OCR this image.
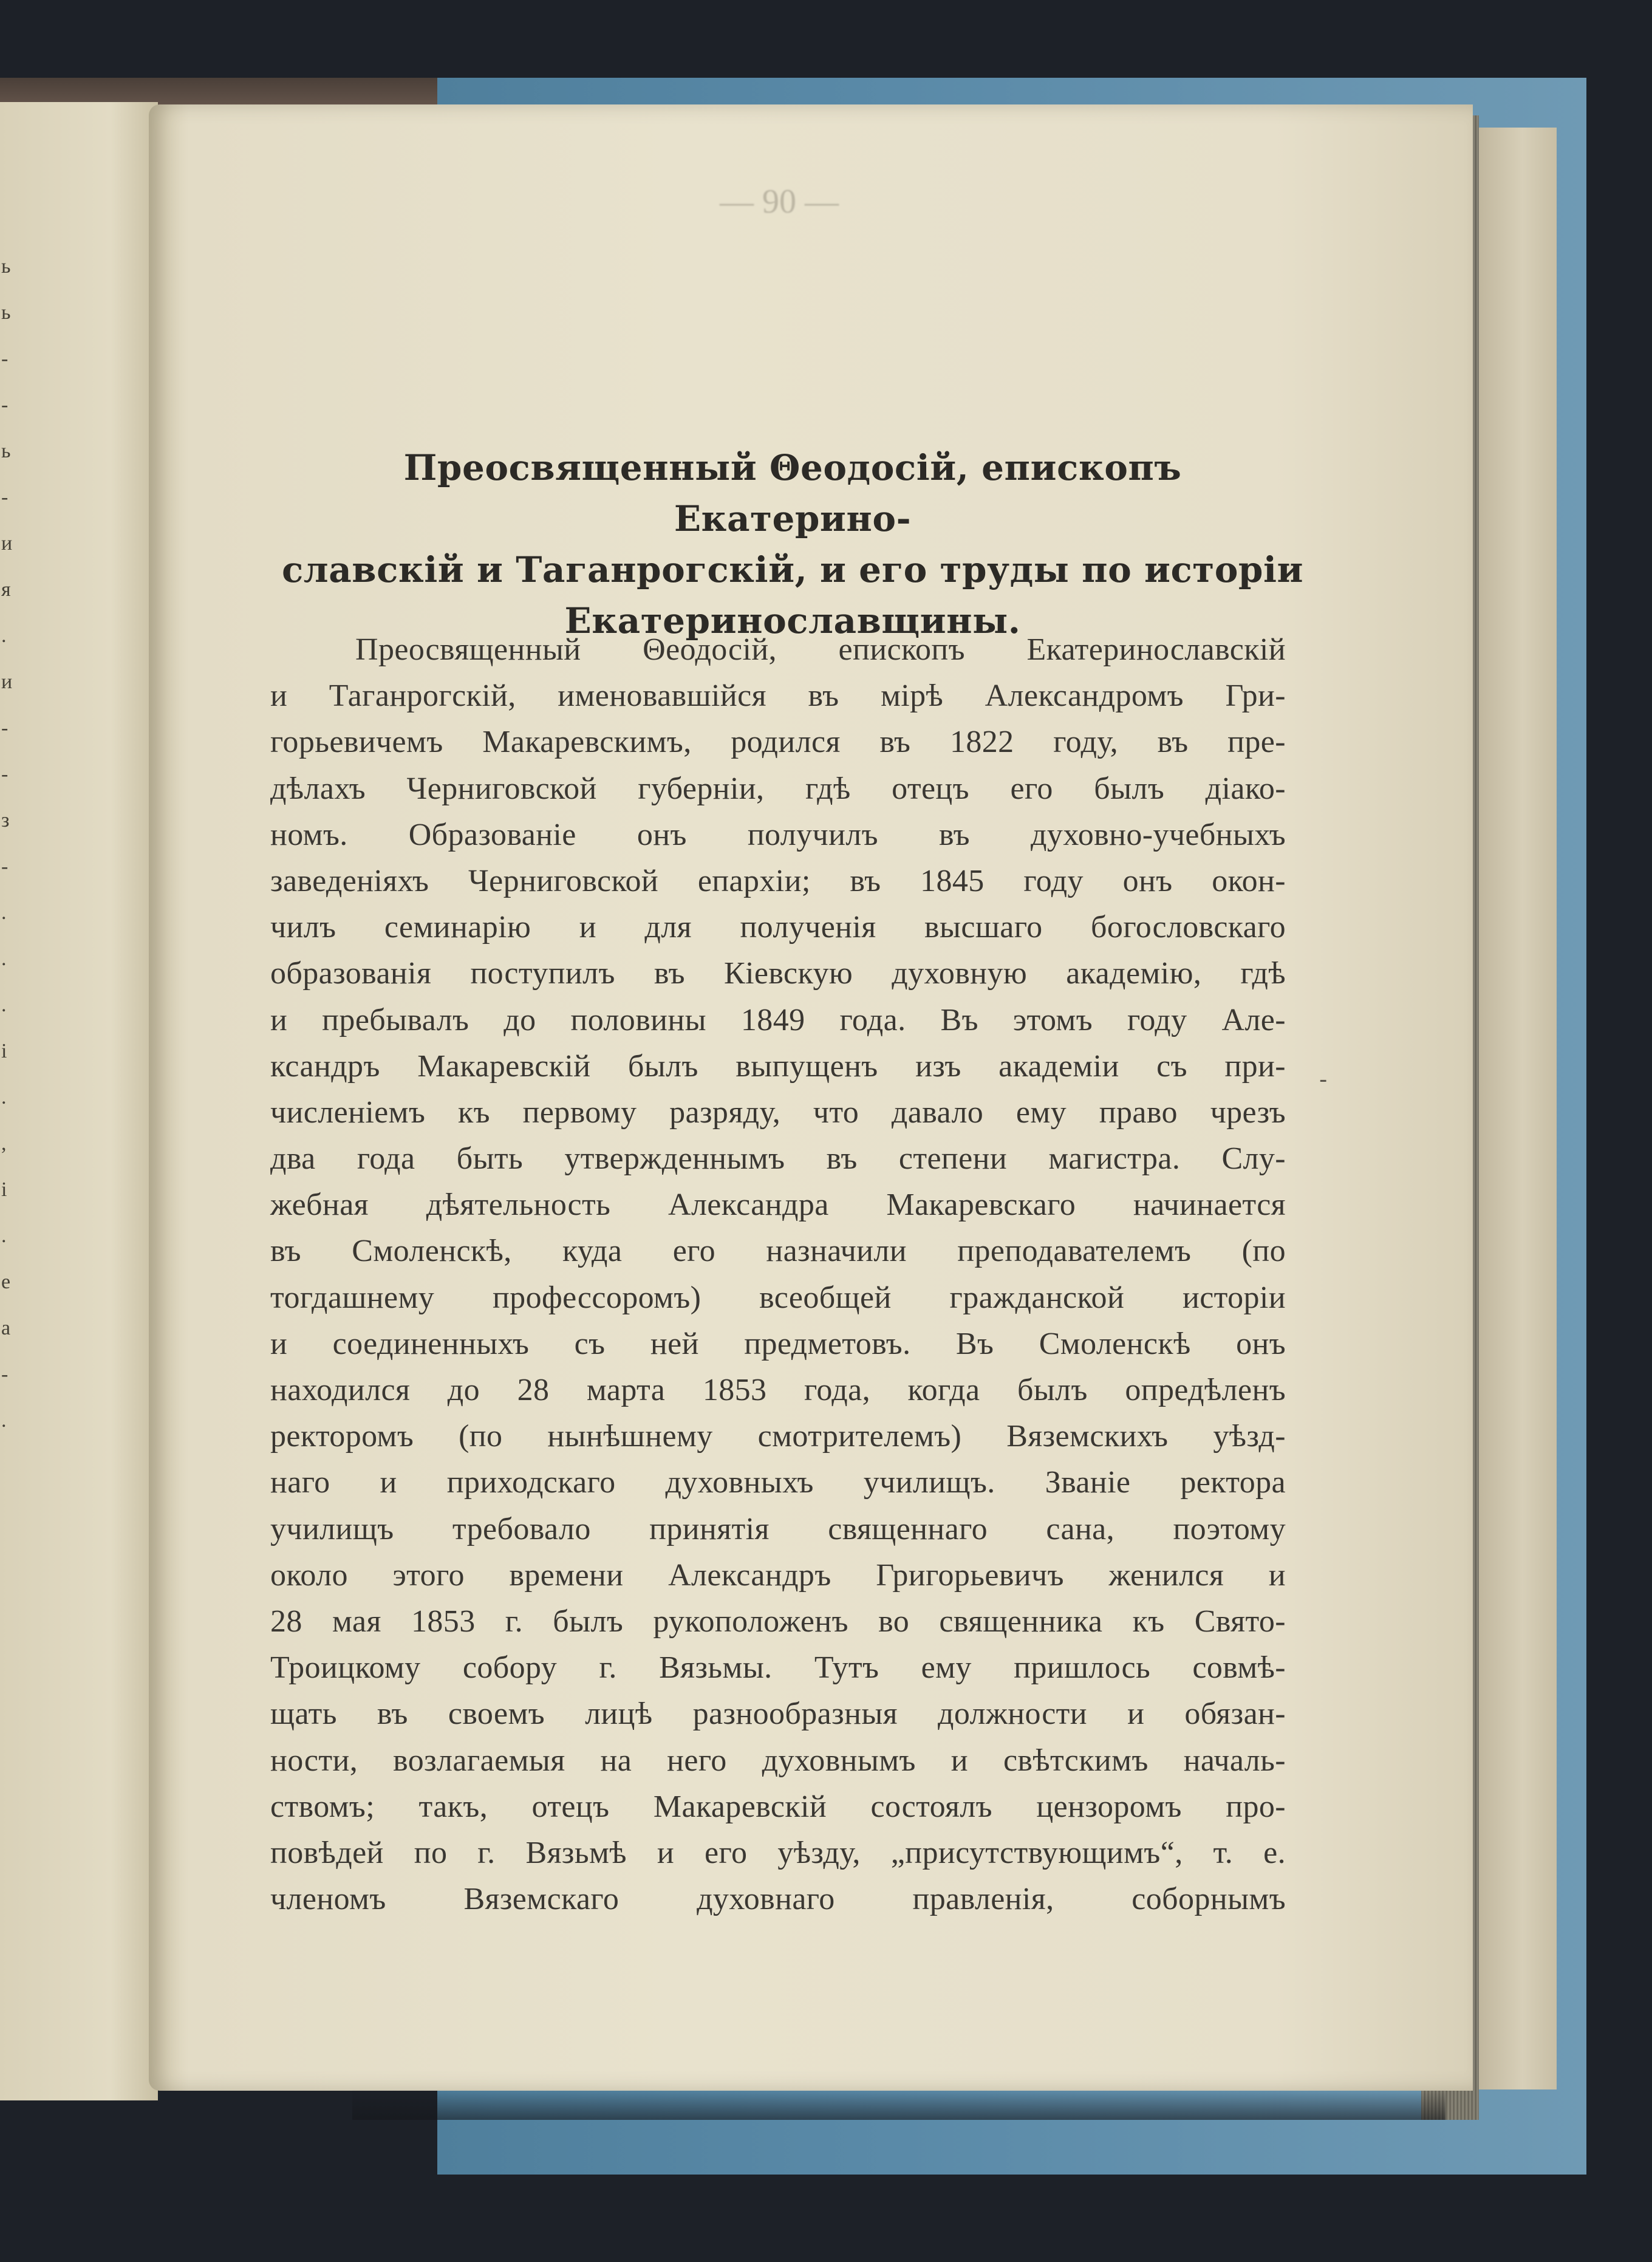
ь
ь
-
-
ь
-
и
я
.
и
-
-
з
-
.
.
.
і
.
,
і
.
е
а
-
.
— 90 —
Преосвященный Θеодосій, епископъ Екатерино-
славскій и Таганрогскій, и его труды по исторіи
Екатеринославщины.
Преосвященный Θеодосій, епископъ Екатеринославскій
и Таганрогскій, именовавшійся въ мірѣ Александромъ Гри-
горьевичемъ Макаревскимъ, родился въ 1822 году, въ пре-
дѣлахъ Черниговской губерніи, гдѣ отецъ его былъ діако-
номъ. Образованіе онъ получилъ въ духовно-учебныхъ
заведеніяхъ Черниговской епархіи; въ 1845 году онъ окон-
чилъ семинарію и для полученія высшаго богословскаго
образованія поступилъ въ Кіевскую духовную академію, гдѣ
и пребывалъ до половины 1849 года. Въ этомъ году Але-
ксандръ Макаревскій былъ выпущенъ изъ академіи съ при-
численіемъ къ первому разряду, что давало ему право чрезъ
два года быть утвержденнымъ въ степени магистра. Слу-
жебная дѣятельность Александра Макаревскаго начинается
въ Смоленскѣ, куда его назначили преподавателемъ (по
тогдашнему профессоромъ) всеобщей гражданской исторіи
и соединенныхъ съ ней предметовъ. Въ Смоленскѣ онъ
находился до 28 марта 1853 года, когда былъ опредѣленъ
ректоромъ (по нынѣшнему смотрителемъ) Вяземскихъ уѣзд-
наго и приходскаго духовныхъ училищъ. Званіе ректора
училищъ требовало принятія священнаго сана, поэтому
около этого времени Александръ Григорьевичъ женился и
28 мая 1853 г. былъ рукоположенъ во священника къ Свято-
Троицкому собору г. Вязьмы. Тутъ ему пришлось совмѣ-
щать въ своемъ лицѣ разнообразныя должности и обязан-
ности, возлагаемыя на него духовнымъ и свѣтскимъ началь-
ствомъ; такъ, отецъ Макаревскій состоялъ цензоромъ про-
повѣдей по г. Вязьмѣ и его уѣзду, „присутствующимъ“, т. е.
членомъ Вяземскаго духовнаго правленія, соборнымъ
-
